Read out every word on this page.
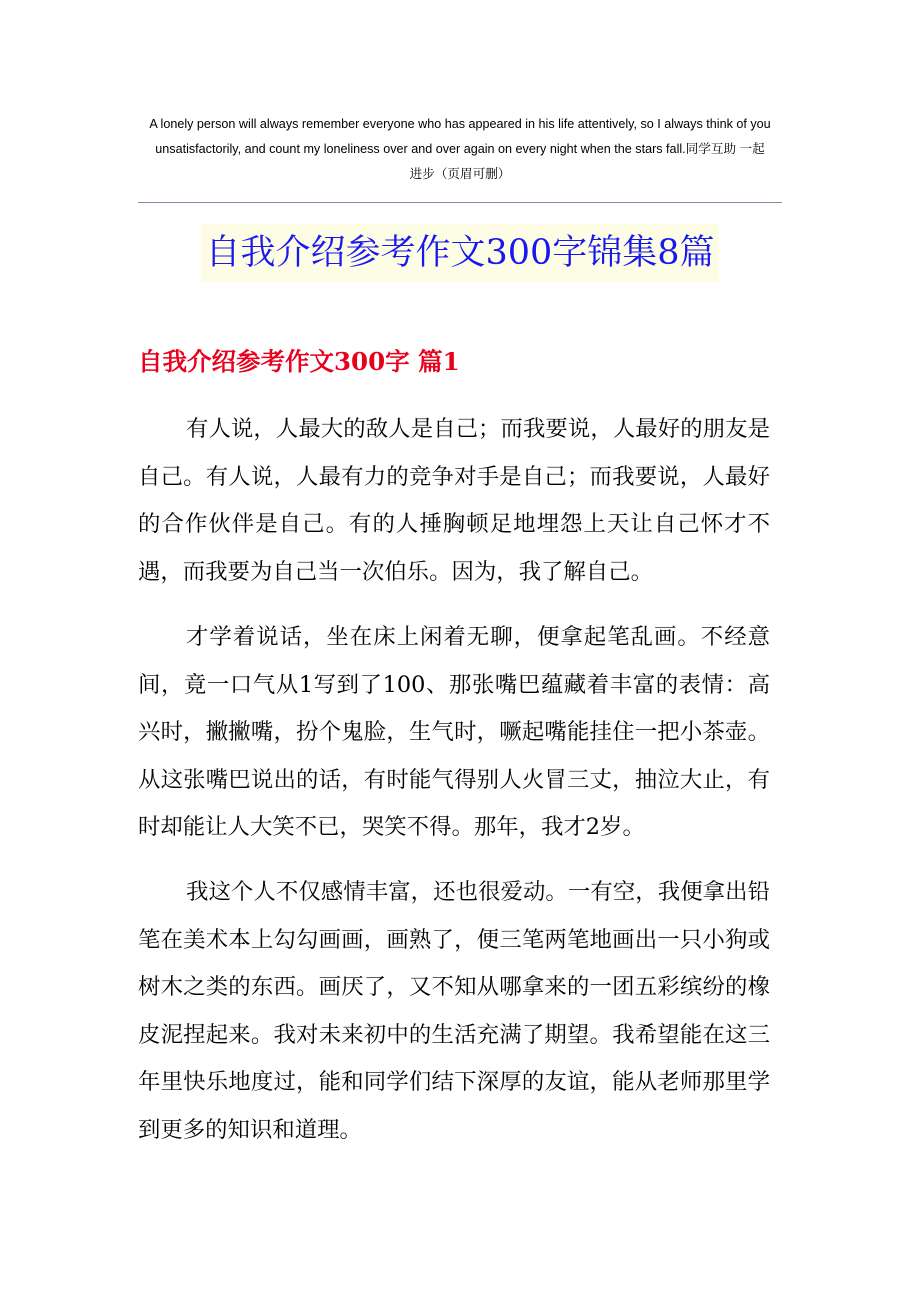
A lonely person will always remember everyone who has appeared in his life attentively, so I always think of you
unsatisfactorily, and count my loneliness over and over again on every night when the stars fall.同学互助 一起
进步（页眉可删）
自我介绍参考作文300字锦集8篇
自我介绍参考作文300字 篇1

有人说，人最大的敌人是自己；而我要说，人最好的朋友是自己。有人说，人最有力的竞争对手是自己；而我要说，人最好的合作伙伴是自己。有的人捶胸顿足地埋怨上天让自己怀才不遇，而我要为自己当一次伯乐。因为，我了解自己。

才学着说话，坐在床上闲着无聊，便拿起笔乱画。不经意间，竟一口气从1写到了100、那张嘴巴蕴藏着丰富的表情：高兴时，撇撇嘴，扮个鬼脸，生气时，噘起嘴能挂住一把小茶壶。从这张嘴巴说出的话，有时能气得别人火冒三丈，抽泣大止，有时却能让人大笑不已，哭笑不得。那年，我才2岁。

我这个人不仅感情丰富，还也很爱动。一有空，我便拿出铅笔在美术本上勾勾画画，画熟了，便三笔两笔地画出一只小狗或树木之类的东西。画厌了，又不知从哪拿来的一团五彩缤纷的橡皮泥捏起来。我对未来初中的生活充满了期望。我希望能在这三年里快乐地度过，能和同学们结下深厚的友谊，能从老师那里学到更多的知识和道理。
